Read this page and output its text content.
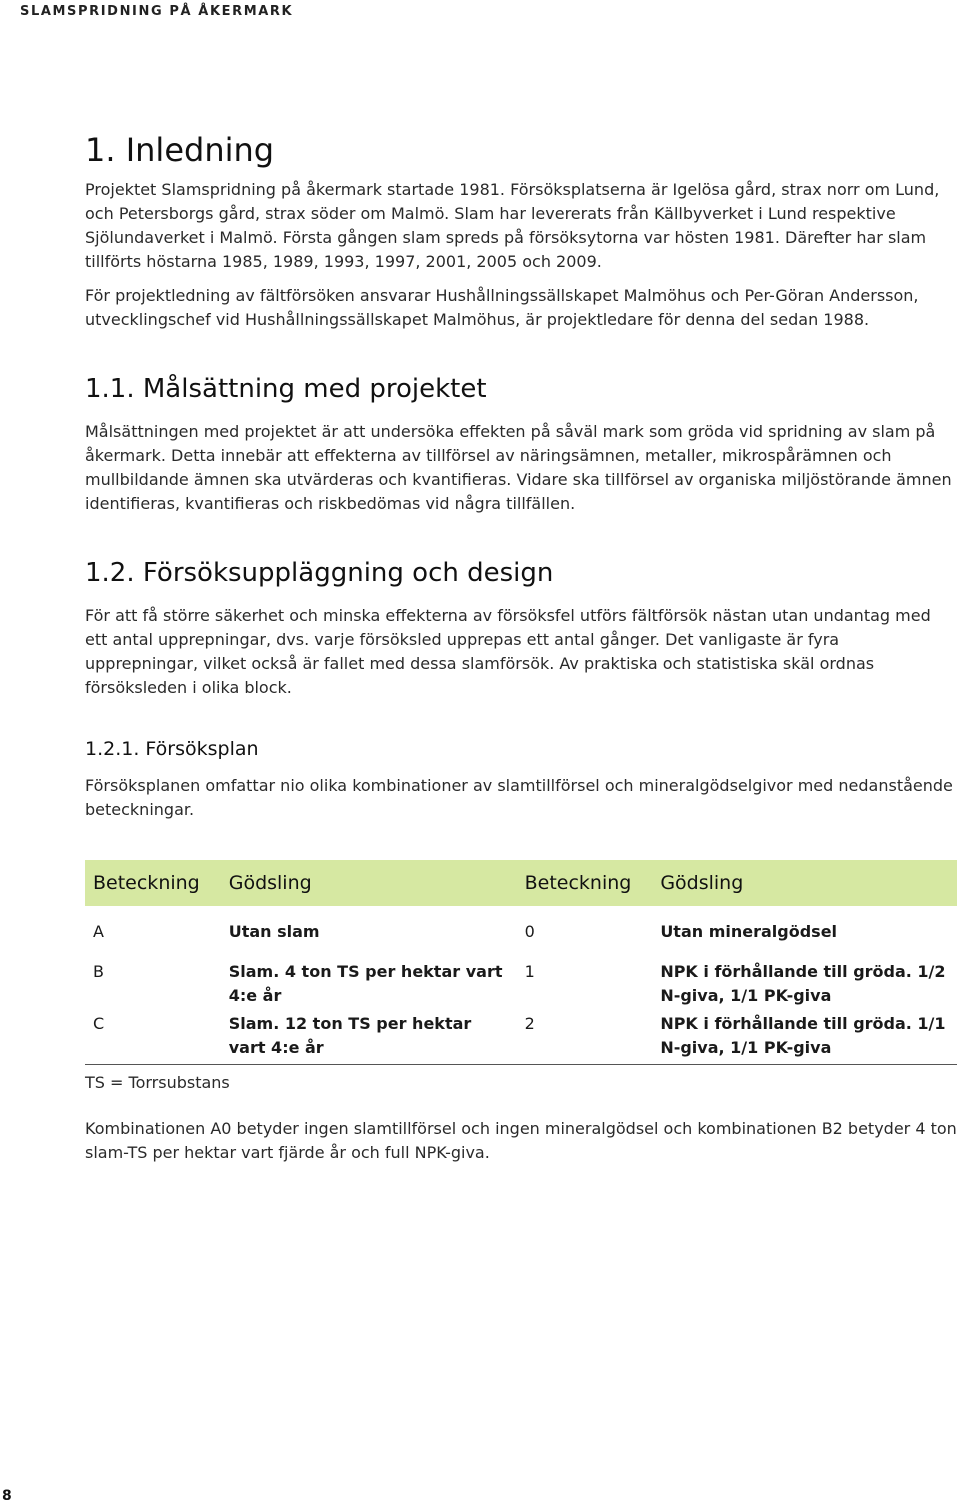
SLAMSPRIDNING PÅ ÅKERMARK
1. Inledning

Projektet Slamspridning på åkermark startade 1981. Försöksplatserna är Igelösa gård, strax norr om Lund, och Petersborgs gård, strax söder om Malmö. Slam har levererats från Källbyverket i Lund respektive Sjölundaverket i Malmö. Första gången slam spreds på försöksytorna var hösten 1981. Därefter har slam tillförts höstarna 1985, 1989, 1993, 1997, 2001, 2005 och 2009.

För projektledning av fältförsöken ansvarar Hushållningssällskapet Malmöhus och Per-Göran Andersson, utvecklingschef vid Hushållningssällskapet Malmöhus, är projektledare för denna del sedan 1988.

1.1. Målsättning med projektet

Målsättningen med projektet är att undersöka effekten på såväl mark som gröda vid spridning av slam på åkermark. Detta innebär att effekterna av tillförsel av näringsämnen, metaller, mikrospårämnen och mullbildande ämnen ska utvärderas och kvantifieras. Vidare ska tillförsel av organiska miljöstörande ämnen identifieras, kvantifieras och riskbedömas vid några tillfällen.

1.2. Försöksuppläggning och design

För att få större säkerhet och minska effekterna av försöksfel utförs fältförsök nästan utan undantag med ett antal upprepningar, dvs. varje försöksled upprepas ett antal gånger. Det vanligaste är fyra upprepningar, vilket också är fallet med dessa slamförsök. Av praktiska och statistiska skäl ordnas försöksleden i olika block.

1.2.1. Försöksplan

Försöksplanen omfattar nio olika kombinationer av slamtillförsel och mineralgödselgivor med nedanstående beteckningar.

Beteckning	Gödsling	Beteckning	Gödsling
A	Utan slam	0	Utan mineralgödsel
B	Slam. 4 ton TS per hektar vart 4:e år	1	NPK i förhållande till gröda. 1/2 N-giva, 1/1 PK-giva
C	Slam. 12 ton TS per hektar vart 4:e år	2	NPK i förhållande till gröda. 1/1 N-giva, 1/1 PK-giva
TS = Torrsubstans

Kombinationen A0 betyder ingen slamtillförsel och ingen mineralgödsel och kombinationen B2 betyder 4 ton slam-TS per hektar vart fjärde år och full NPK-giva.

8
